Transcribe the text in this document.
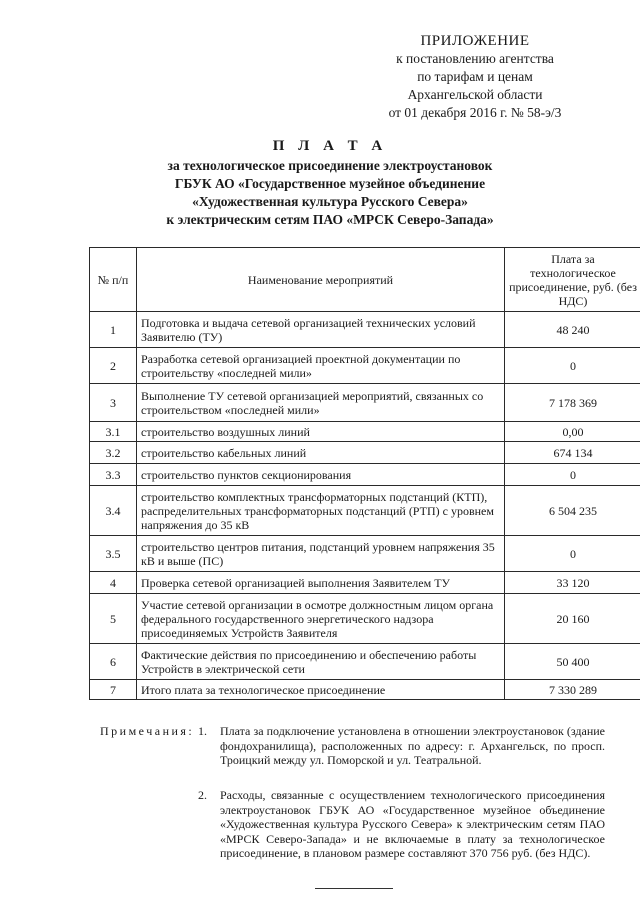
ПРИЛОЖЕНИЕ
к постановлению агентства
по тарифам и ценам
Архангельской области
от 01 декабря 2016 г. № 58-э/3
П Л А Т А
за технологическое присоединение электроустановок
ГБУК АО «Государственное музейное объединение
«Художественная культура Русского Севера»
к электрическим сетям ПАО «МРСК Северо-Запада»
№ п/п	Наименование мероприятий	Плата за технологическое присоединение, руб. (без НДС)
1	Подготовка и выдача сетевой организацией технических условий Заявителю (ТУ)	48 240
2	Разработка сетевой организацией проектной документации по строительству «последней мили»	0
3	Выполнение ТУ сетевой организацией мероприятий, связанных со строительством «последней мили»	7 178 369
3.1	строительство воздушных линий	0,00
3.2	строительство кабельных линий	674 134
3.3	строительство пунктов секционирования	0
3.4	строительство комплектных трансформаторных подстанций (КТП), распределительных трансформаторных подстанций (РТП) с уровнем напряжения до 35 кВ	6 504 235
3.5	строительство центров питания, подстанций уровнем напряжения 35 кВ и выше (ПС)	0
4	Проверка сетевой организацией выполнения Заявителем ТУ	33 120
5	Участие сетевой организации в осмотре должностным лицом органа федерального государственного энергетического надзора присоединяемых Устройств Заявителя	20 160
6	Фактические действия по присоединению и обеспечению работы Устройств в электрической сети	50 400
7	Итого плата за технологическое присоединение	7 330 289
Примечания: 1. Плата за подключение установлена в отношении электроустановок (здание фондохранилища), расположенных по адресу: г. Архангельск, по просп. Троицкий между ул. Поморской и ул. Театральной.
2. Расходы, связанные с осуществлением технологического присоединения электроустановок ГБУК АО «Государственное музейное объединение «Художественная культура Русского Севера» к электрическим сетям ПАО «МРСК Северо-Запада» и не включаемые в плату за технологическое присоединение, в плановом размере составляют 370 756 руб. (без НДС).
